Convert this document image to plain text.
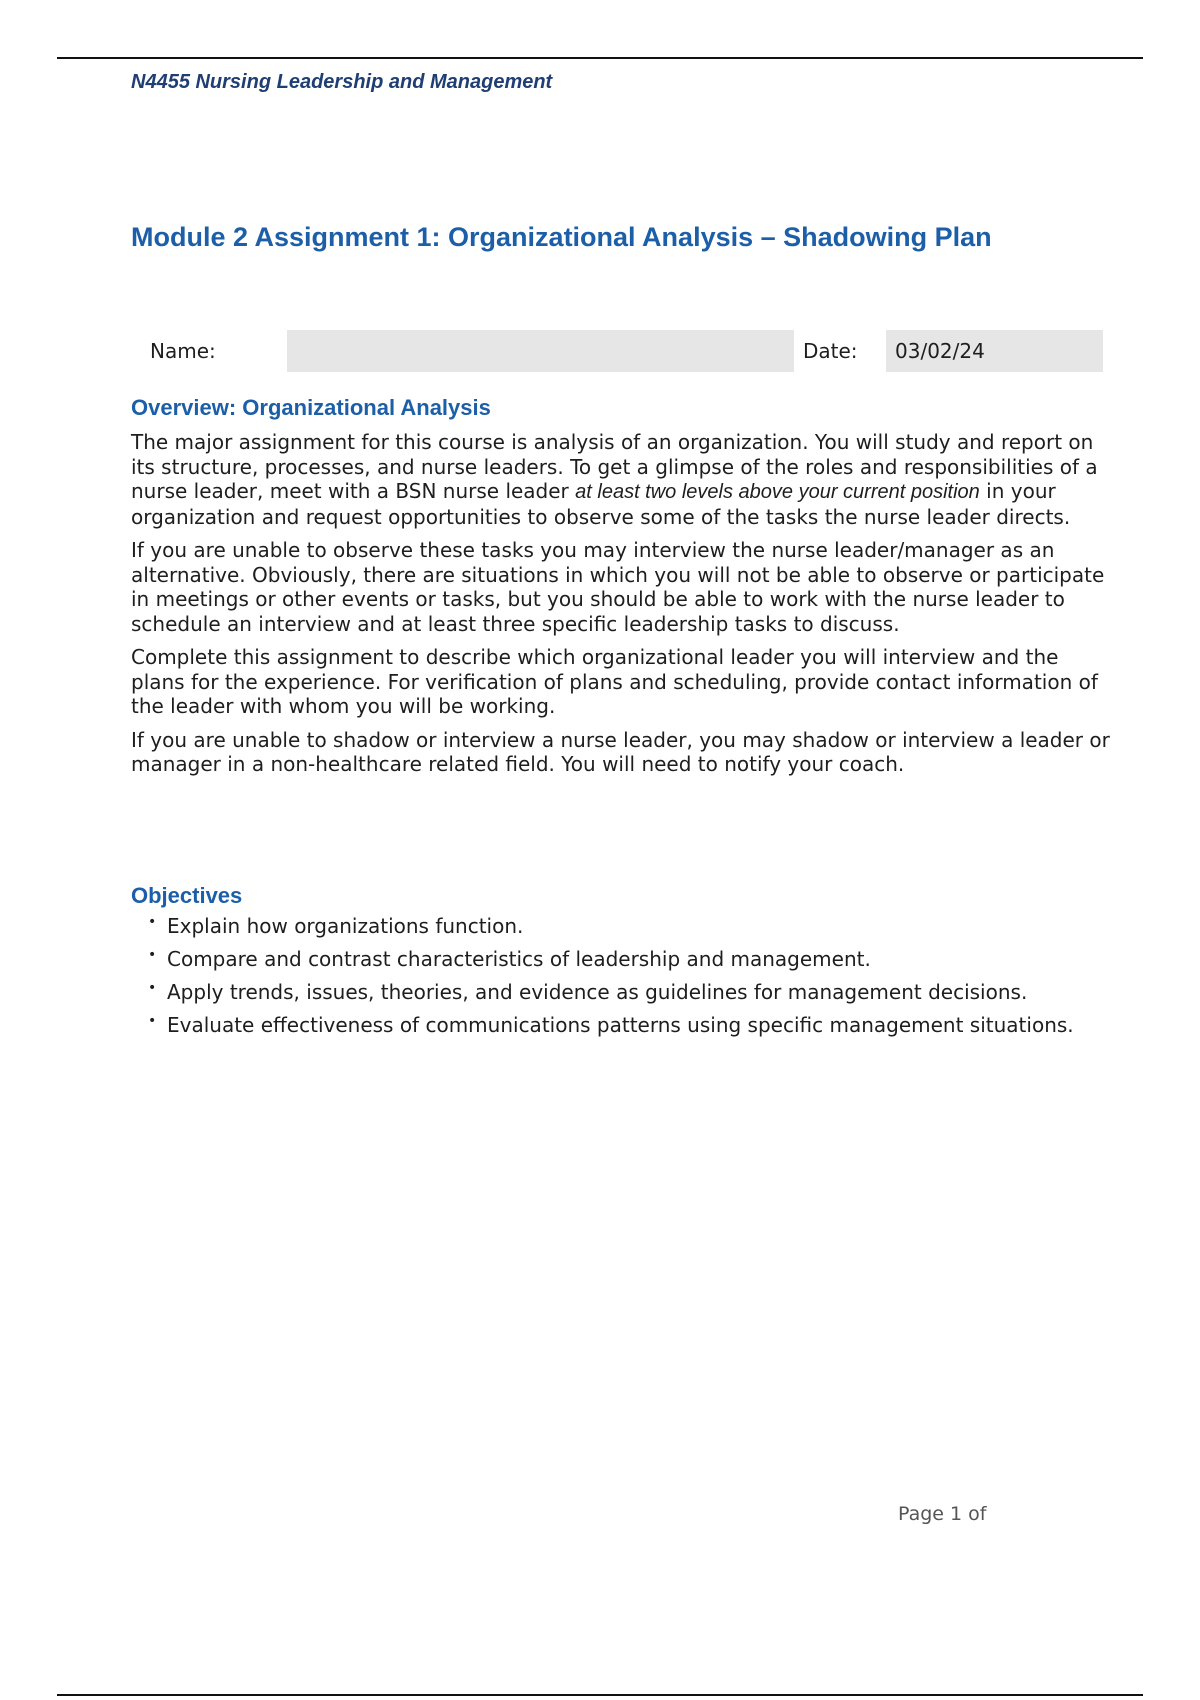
N4455 Nursing Leadership and Management
Module 2 Assignment 1: Organizational Analysis – Shadowing Plan
Name:	Date:	03/02/24
Overview: Organizational Analysis

The major assignment for this course is analysis of an organization. You will study and report on its structure, processes, and nurse leaders. To get a glimpse of the roles and responsibilities of a nurse leader, meet with a BSN nurse leader at least two levels above your current position in your organization and request opportunities to observe some of the tasks the nurse leader directs.

If you are unable to observe these tasks you may interview the nurse leader/manager as an alternative. Obviously, there are situations in which you will not be able to observe or participate in meetings or other events or tasks, but you should be able to work with the nurse leader to schedule an interview and at least three specific leadership tasks to discuss.

Complete this assignment to describe which organizational leader you will interview and the plans for the experience. For verification of plans and scheduling, provide contact information of the leader with whom you will be working.

If you are unable to shadow or interview a nurse leader, you may shadow or interview a leader or manager in a non-healthcare related field. You will need to notify your coach.

Objectives
• Explain how organizations function.
• Compare and contrast characteristics of leadership and management.
• Apply trends, issues, theories, and evidence as guidelines for management decisions.
• Evaluate effectiveness of communications patterns using specific management situations.
Page 1 of
